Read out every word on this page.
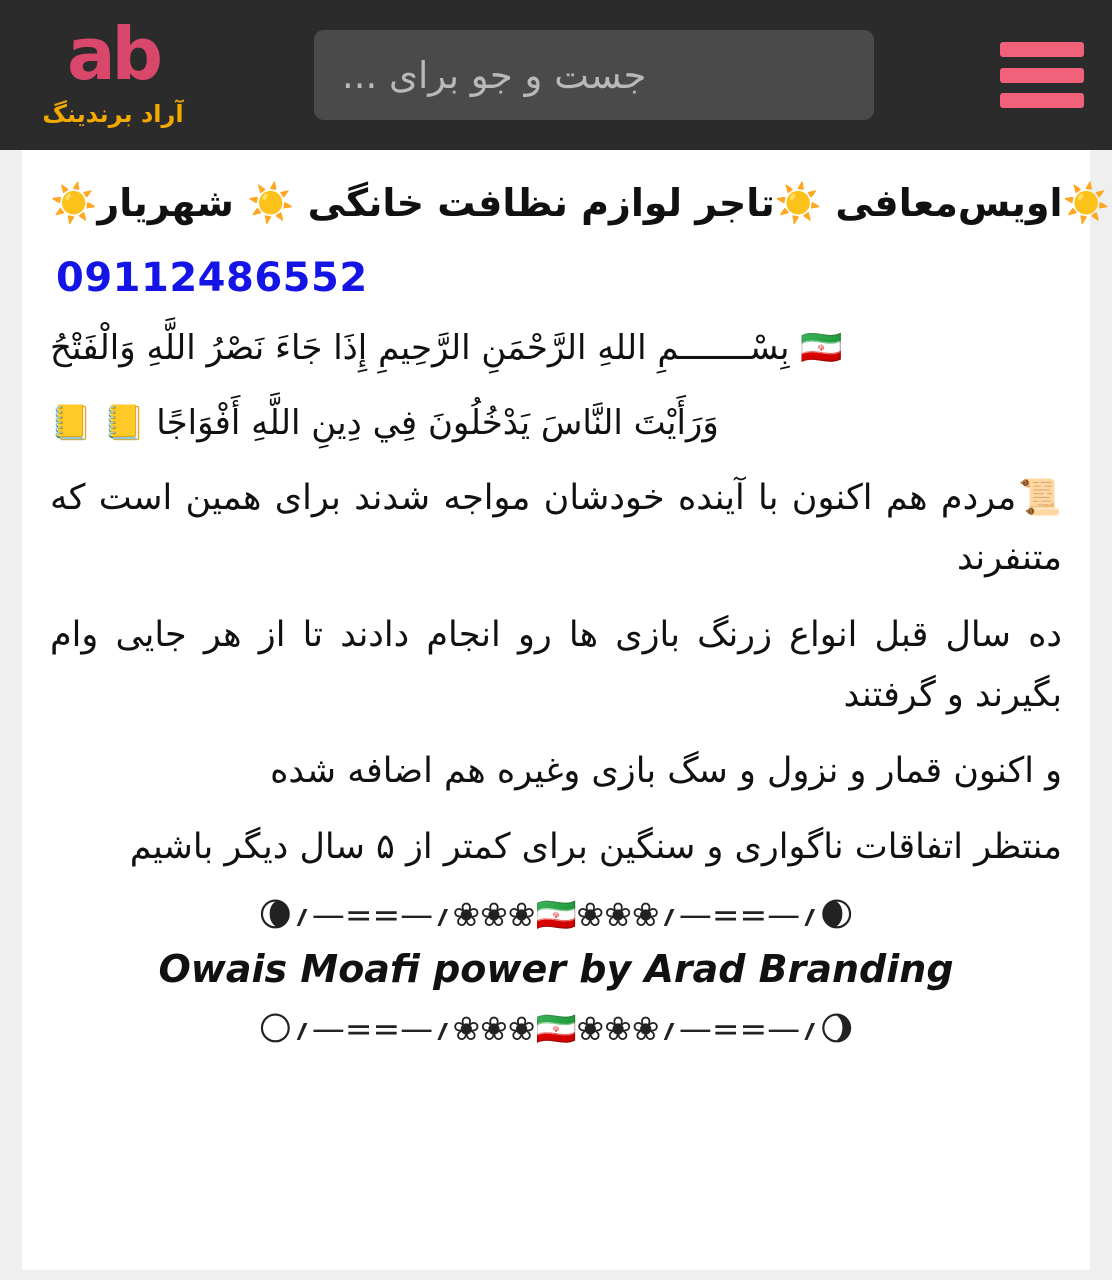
جست و جو برای ...
ab
آراد برندینگ
☀️اویس‌معافی ☀️تاجر لوازم نظافت خانگی ☀️ شهریار☀️
09112486552

🇮🇷 بِسْـــــــمِ اللهِ الرَّحْمَنِ الرَّحِيمِ إِذَا جَاءَ نَصْرُ اللَّهِ وَالْفَتْحُ

وَرَأَيْتَ النَّاسَ يَدْخُلُونَ فِي دِينِ اللَّهِ أَفْوَاجًا 📒 📒

📜مردم هم اکنون با آینده خودشان مواجه شدند برای همین است که متنفرند

ده سال قبل انواع زرنگ بازی ها رو انجام دادند تا از هر جایی وام بگیرند و گرفتند

و اکنون قمار و نزول و سگ بازی وغیره هم اضافه شده

منتظر اتفاقات ناگواری و سنگین برای کمتر از ۵ سال دیگر باشیم

🌘؍—==—؍❀❀❀🇮🇷❀❀❀؍—==—؍🌒
Owais Moafi power by Arad Branding
🌕؍—==—؍❀❀❀🇮🇷❀❀❀؍—==—؍🌖
